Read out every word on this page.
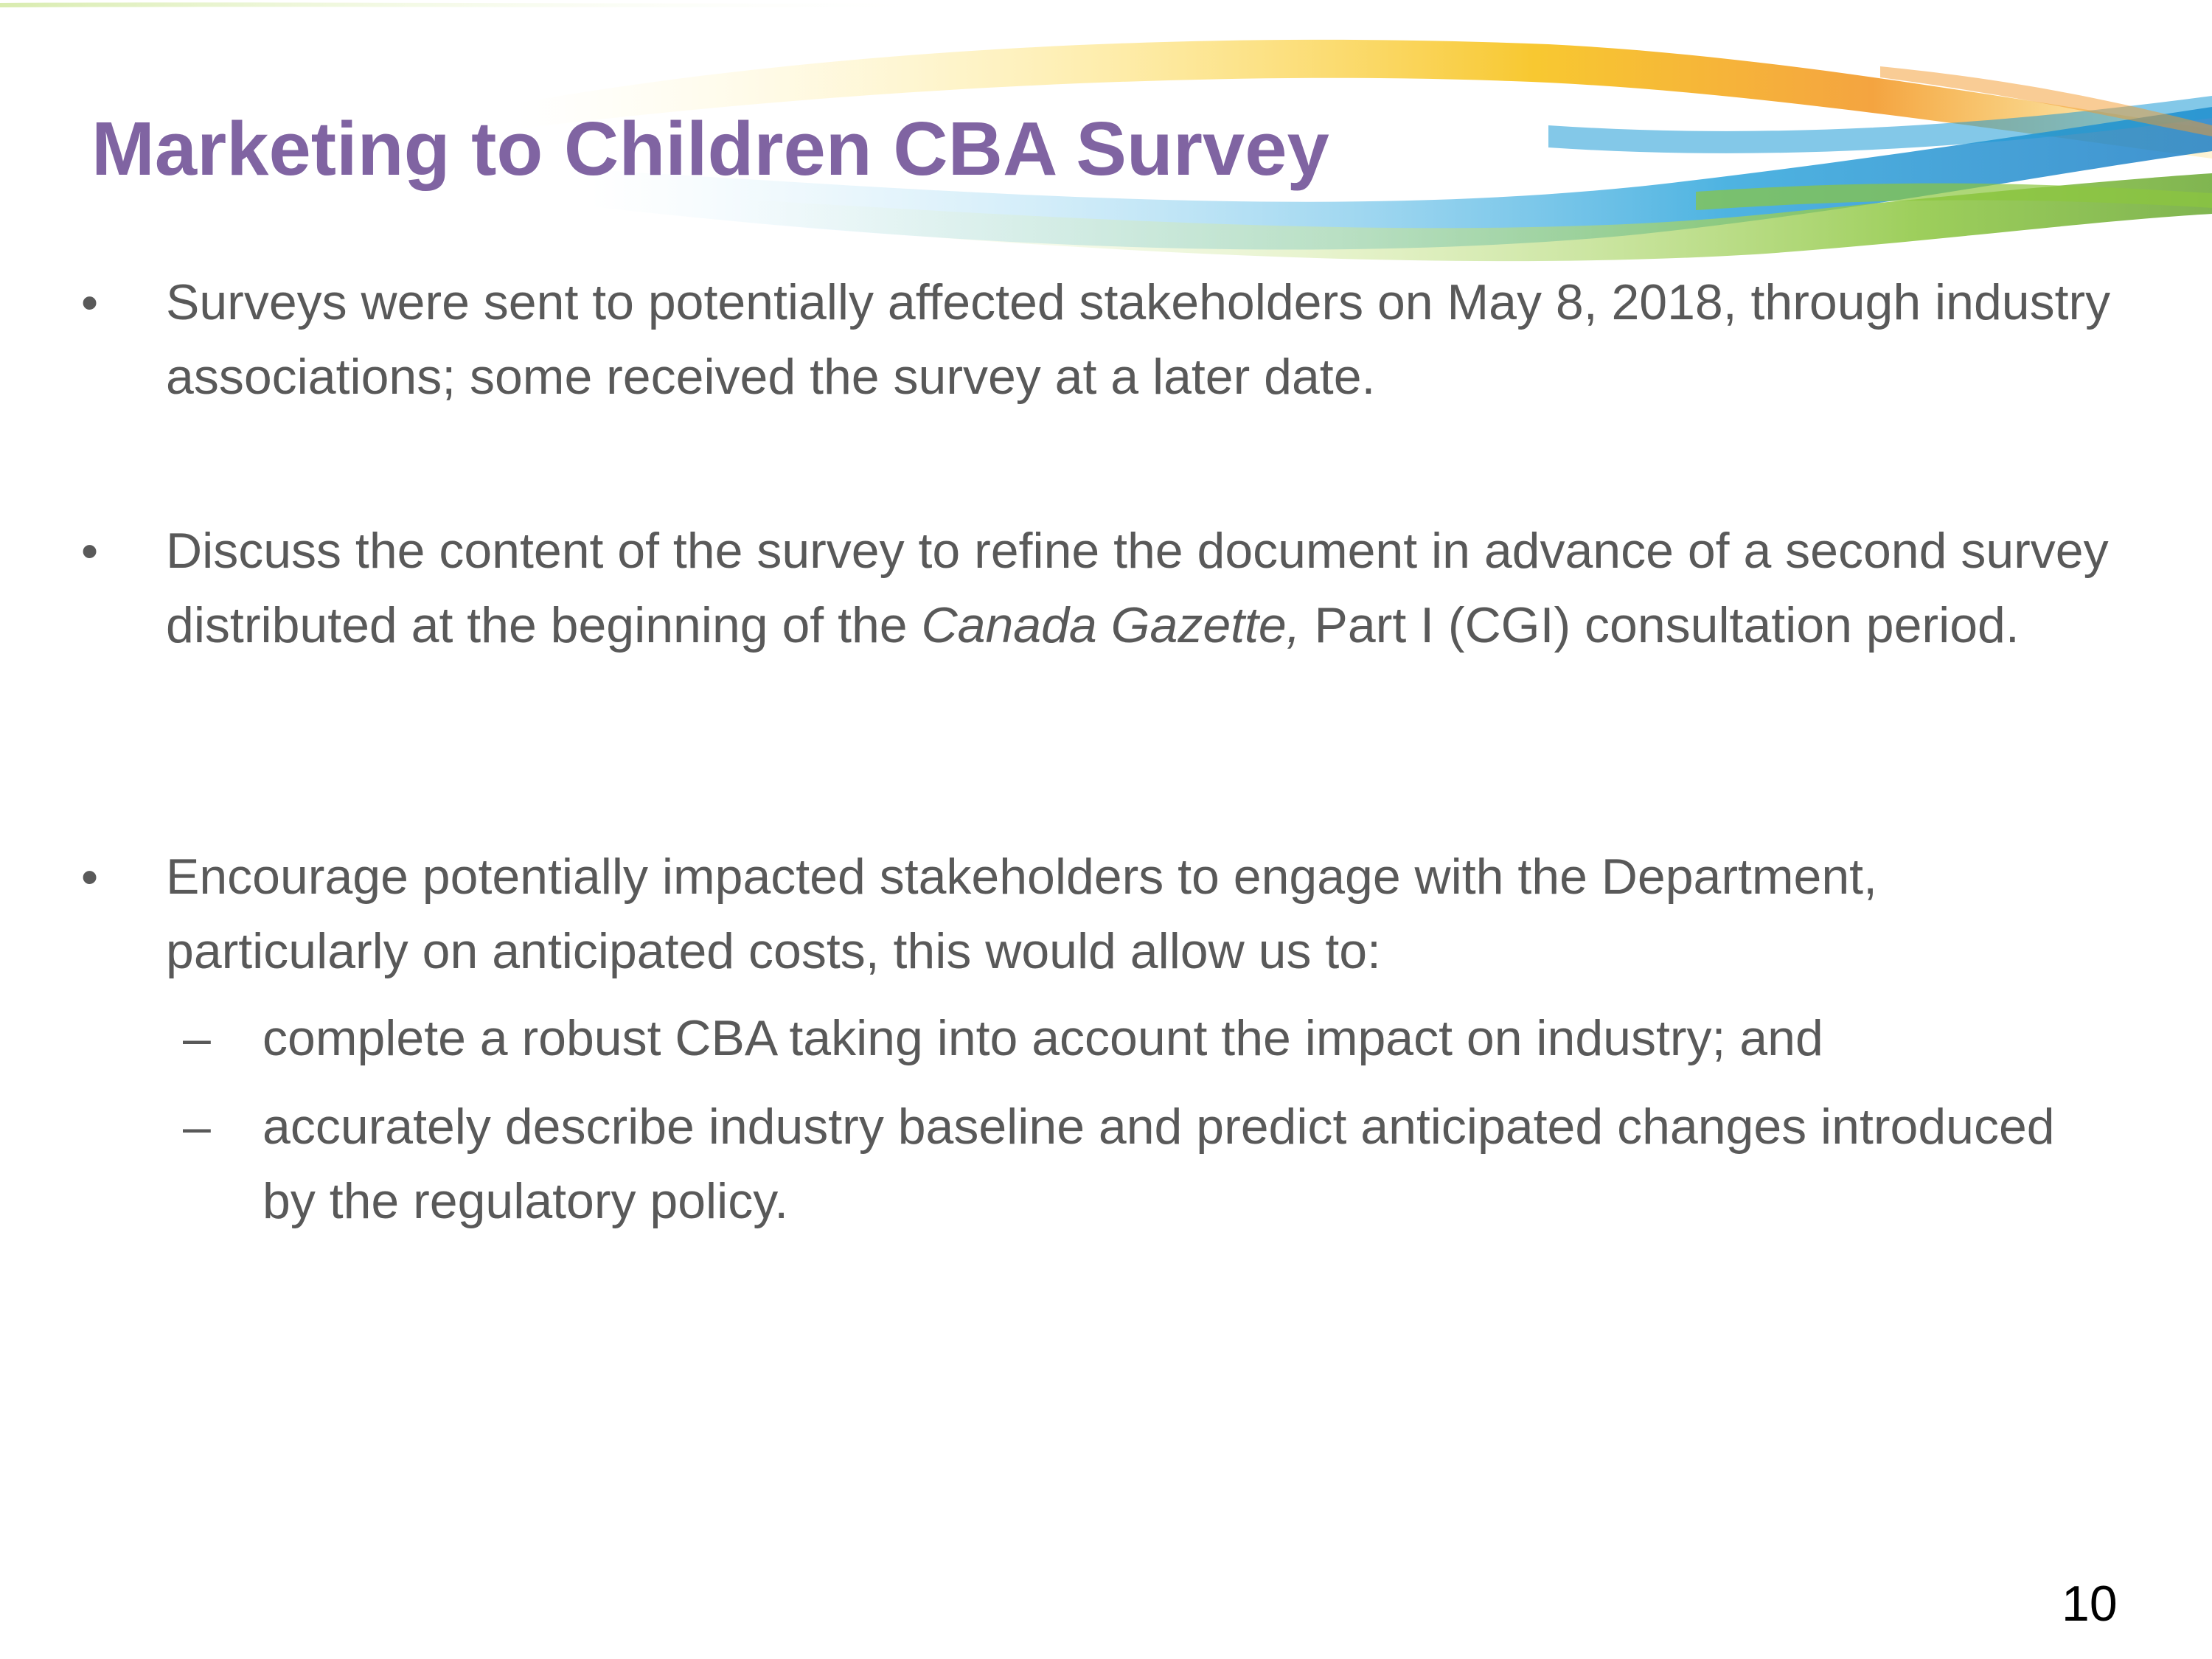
Marketing to Children CBA Survey
• Surveys were sent to potentially affected stakeholders on May 8, 2018, through industry associations; some received the survey at a later date.
• Discuss the content of the survey to refine the document in advance of a second survey distributed at the beginning of the Canada Gazette, Part I (CGI) consultation period.
• Encourage potentially impacted stakeholders to engage with the Department, particularly on anticipated costs, this would allow us to:
– complete a robust CBA taking into account the impact on industry; and
– accurately describe industry baseline and predict anticipated changes introduced by the regulatory policy.
10
